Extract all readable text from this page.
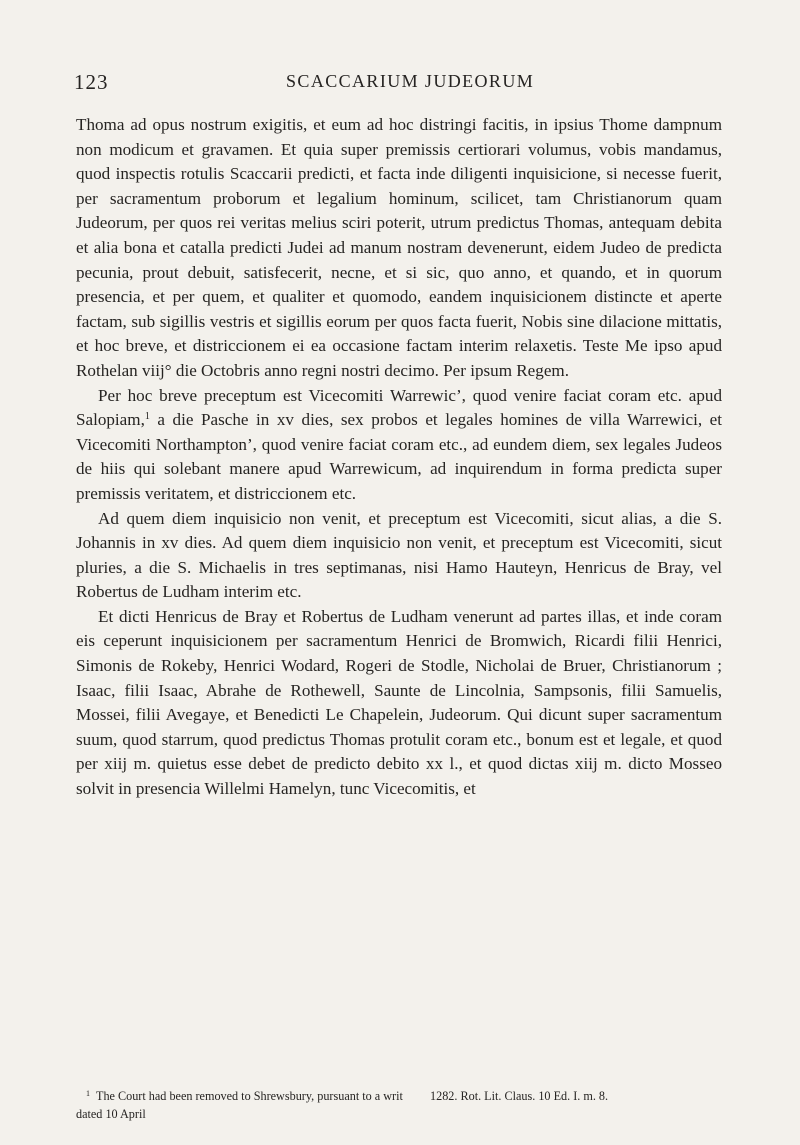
123	SCACCARIUM JUDEORUM

Thoma ad opus nostrum exigitis, et eum ad hoc distringi facitis, in ipsius Thome dampnum non modicum et gravamen. Et quia super premissis certiorari volumus, vobis mandamus, quod inspectis rotulis Scaccarii predicti, et facta inde diligenti inquisicione, si necesse fuerit, per sacramentum proborum et legalium hominum, scilicet, tam Christianorum quam Judeorum, per quos rei veritas melius sciri poterit, utrum predictus Thomas, antequam debita et alia bona et catalla predicti Judei ad manum nostram devenerunt, eidem Judeo de predicta pecunia, prout debuit, satisfecerit, necne, et si sic, quo anno, et quando, et in quorum presencia, et per quem, et qualiter et quomodo, eandem inquisicionem distincte et aperte factam, sub sigillis vestris et sigillis eorum per quos facta fuerit, Nobis sine dilacione mittatis, et hoc breve, et districcionem ei ea occasione factam interim relaxetis. Teste Me ipso apud Rothelan viij° die Octobris anno regni nostri decimo. Per ipsum Regem.

Per hoc breve preceptum est Vicecomiti Warrewic’, quod venire faciat coram etc. apud Salopiam,$^1$ a die Pasche in xv dies, sex probos et legales homines de villa Warrewici, et Vicecomiti Northampton’, quod venire faciat coram etc., ad eundem diem, sex legales Judeos de hiis qui solebant manere apud Warrewicum, ad inquirendum in forma predicta super premissis veritatem, et districcionem etc.

Ad quem diem inquisicio non venit, et preceptum est Vicecomiti, sicut alias, a die S. Johannis in xv dies. Ad quem diem inquisicio non venit, et preceptum est Vicecomiti, sicut pluries, a die S. Michaelis in tres septimanas, nisi Hamo Hauteyn, Henricus de Bray, vel Robertus de Ludham interim etc.

Et dicti Henricus de Bray et Robertus de Ludham venerunt ad partes illas, et inde coram eis ceperunt inquisicionem per sacramentum Henrici de Bromwich, Ricardi filii Henrici, Simonis de Rokeby, Henrici Wodard, Rogeri de Stodle, Nicholai de Bruer, Christianorum ; Isaac, filii Isaac, Abrahe de Rothewell, Saunte de Lincolnia, Sampsonis, filii Samuelis, Mossei, filii Avegaye, et Benedicti Le Chapelein, Judeorum. Qui dicunt super sacramentum suum, quod starrum, quod predictus Thomas protulit coram etc., bonum est et legale, et quod per xiij m. quietus esse debet de predicto debito xx l., et quod dictas xiij m. dicto Mosseo solvit in presencia Willelmi Hamelyn, tunc Vicecomitis, et

$^1$ The Court had been removed to Shrewsbury, pursuant to a writ dated 10 April
1282. Rot. Lit. Claus. 10 Ed. I. m. 8.
